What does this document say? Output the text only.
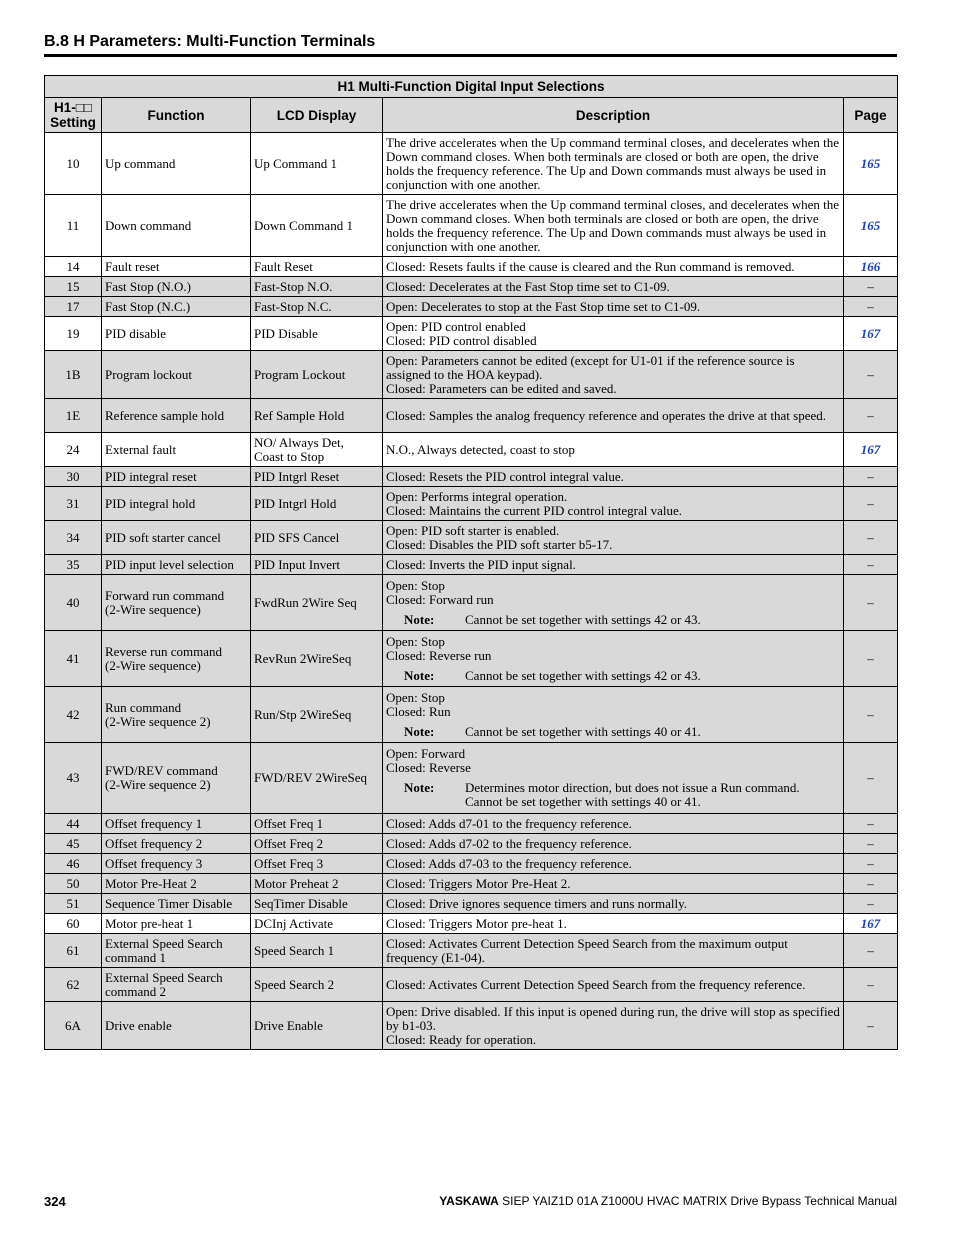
B.8 H Parameters: Multi-Function Terminals
H1 Multi-Function Digital Input Selections				

H1-□□
Setting	Function	LCD Display	Description	Page
10	Up command	Up Command 1	The drive accelerates when the Up command terminal closes, and decelerates when the Down command closes. When both terminals are closed or both are open, the drive holds the frequency reference. The Up and Down commands must always be used in conjunction with one another.	165
11	Down command	Down Command 1	The drive accelerates when the Up command terminal closes, and decelerates when the Down command closes. When both terminals are closed or both are open, the drive holds the frequency reference. The Up and Down commands must always be used in conjunction with one another.	165
14	Fault reset	Fault Reset	Closed: Resets faults if the cause is cleared and the Run command is removed.	166
15	Fast Stop (N.O.)	Fast-Stop N.O.	Closed: Decelerates at the Fast Stop time set to C1-09.	–
17	Fast Stop (N.C.)	Fast-Stop N.C.	Open: Decelerates to stop at the Fast Stop time set to C1-09.	–
19	PID disable	PID Disable	Open: PID control enabled
Closed: PID control disabled	167
1B	Program lockout	Program Lockout	Open: Parameters cannot be edited (except for U1-01 if the reference source is assigned to the HOA keypad).
Closed: Parameters can be edited and saved.	–
1E	Reference sample hold	Ref Sample Hold	Closed: Samples the analog frequency reference and operates the drive at that speed.	–
24	External fault	NO/ Always Det,
Coast to Stop	N.O., Always detected, coast to stop	167
30	PID integral reset	PID Intgrl Reset	Closed: Resets the PID control integral value.	–
31	PID integral hold	PID Intgrl Hold	Open: Performs integral operation.
Closed: Maintains the current PID control integral value.	–
34	PID soft starter cancel	PID SFS Cancel	Open: PID soft starter is enabled.
Closed: Disables the PID soft starter b5-17.	–
35	PID input level selection	PID Input Invert	Closed: Inverts the PID input signal.	–
40	Forward run command
(2-Wire sequence)	FwdRun 2Wire Seq	Open: Stop
Closed: Forward run
Note: Cannot be set together with settings 42 or 43.	–
41	Reverse run command
(2-Wire sequence)	RevRun 2WireSeq	Open: Stop
Closed: Reverse run
Note: Cannot be set together with settings 42 or 43.	–
42	Run command
(2-Wire sequence 2)	Run/Stp 2WireSeq	Open: Stop
Closed: Run
Note: Cannot be set together with settings 40 or 41.	–
43	FWD/REV command
(2-Wire sequence 2)	FWD/REV 2WireSeq	Open: Forward
Closed: Reverse
Note: Determines motor direction, but does not issue a Run command. Cannot be set together with settings 40 or 41.	–
44	Offset frequency 1	Offset Freq 1	Closed: Adds d7-01 to the frequency reference.	–
45	Offset frequency 2	Offset Freq 2	Closed: Adds d7-02 to the frequency reference.	–
46	Offset frequency 3	Offset Freq 3	Closed: Adds d7-03 to the frequency reference.	–
50	Motor Pre-Heat 2	Motor Preheat 2	Closed: Triggers Motor Pre-Heat 2.	–
51	Sequence Timer Disable	SeqTimer Disable	Closed: Drive ignores sequence timers and runs normally.	–
60	Motor pre-heat 1	DCInj Activate	Closed: Triggers Motor pre-heat 1.	167
61	External Speed Search
command 1	Speed Search 1	Closed: Activates Current Detection Speed Search from the maximum output frequency (E1-04).	–
62	External Speed Search
command 2	Speed Search 2	Closed: Activates Current Detection Speed Search from the frequency reference.	–
6A	Drive enable	Drive Enable	Open: Drive disabled. If this input is opened during run, the drive will stop as specified by b1-03.
Closed: Ready for operation.	–
324	YASKAWA SIEP YAIZ1D 01A Z1000U HVAC MATRIX Drive Bypass Technical Manual
